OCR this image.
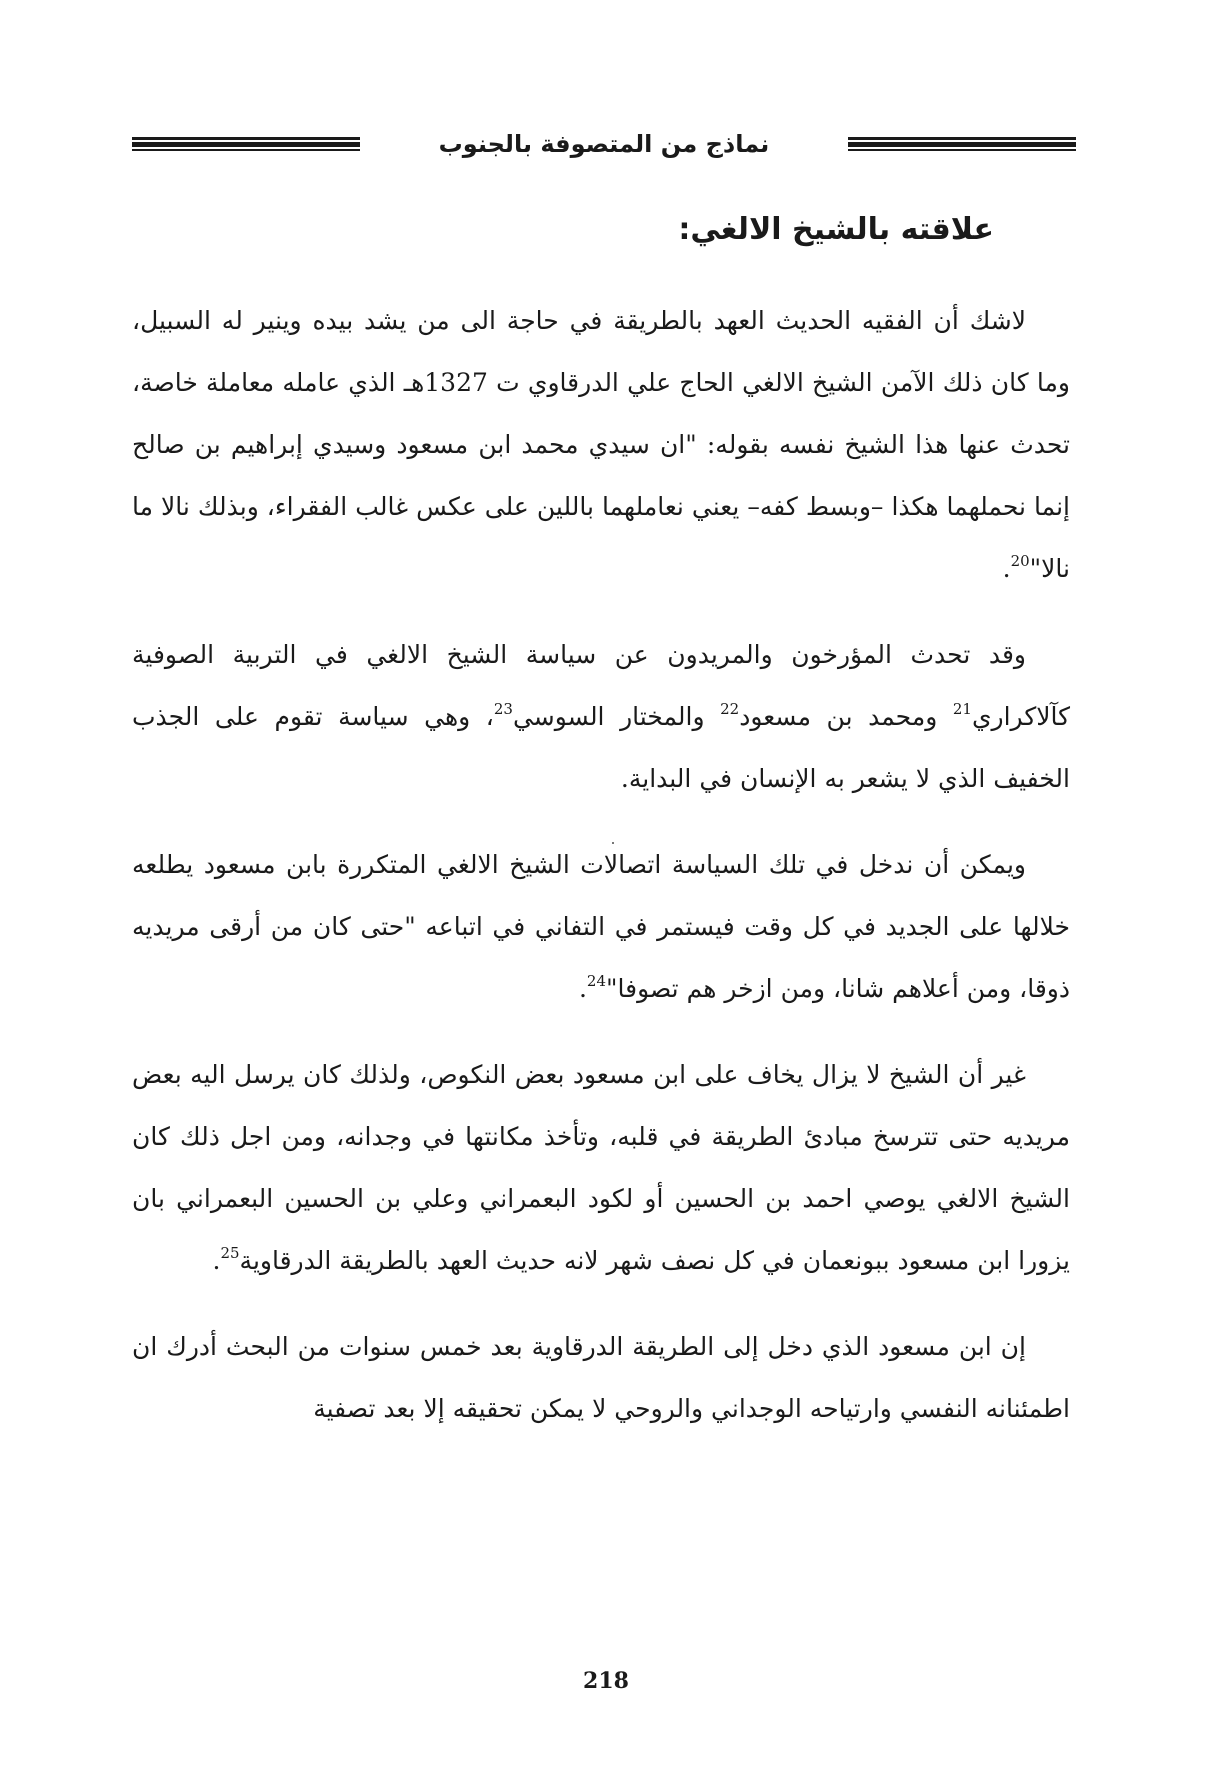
نماذج من المتصوفة بالجنوب
علاقته بالشيخ الالغي:

لاشك أن الفقيه الحديث العهد بالطريقة في حاجة الى من يشد بيده وينير له السبيل، وما كان ذلك الآمن الشيخ الالغي الحاج علي الدرقاوي ت 1327هـ الذي عامله معاملة خاصة، تحدث عنها هذا الشيخ نفسه بقوله: "ان سيدي محمد ابن مسعود وسيدي إبراهيم بن صالح إنما نحملهما هكذا –وبسط كفه– يعني نعاملهما باللين على عكس غالب الفقراء، وبذلك نالا ما نالا"$^{20}$.

وقد تحدث المؤرخون والمريدون عن سياسة الشيخ الالغي في التربية الصوفية كآلاكراري$^{21}$ ومحمد بن مسعود$^{22}$ والمختار السوسي$^{23}$، وهي سياسة تقوم على الجذب الخفيف الذي لا يشعر به الإنسان في البداية.

ويمكن أن ندخل في تلك السياسة اتصالات الشيخ الالغي المتكررة بابن مسعود يطلعه خلالها على الجديد في كل وقت فيستمر في التفاني في اتباعه "حتى كان من أرقى مريديه ذوقا، ومن أعلاهم شانا، ومن ازخر هم تصوفا"$^{24}$.

غير أن الشيخ لا يزال يخاف على ابن مسعود بعض النكوص، ولذلك كان يرسل اليه بعض مريديه حتى تترسخ مبادئ الطريقة في قلبه، وتأخذ مكانتها في وجدانه، ومن اجل ذلك كان الشيخ الالغي يوصي احمد بن الحسين أو لكود البعمراني وعلي بن الحسين البعمراني بان يزورا ابن مسعود ببونعمان في كل نصف شهر لانه حديث العهد بالطريقة الدرقاوية$^{25}$.

إن ابن مسعود الذي دخل إلى الطريقة الدرقاوية بعد خمس سنوات من البحث أدرك ان اطمئنانه النفسي وارتياحه الوجداني والروحي لا يمكن تحقيقه إلا بعد تصفية

218
